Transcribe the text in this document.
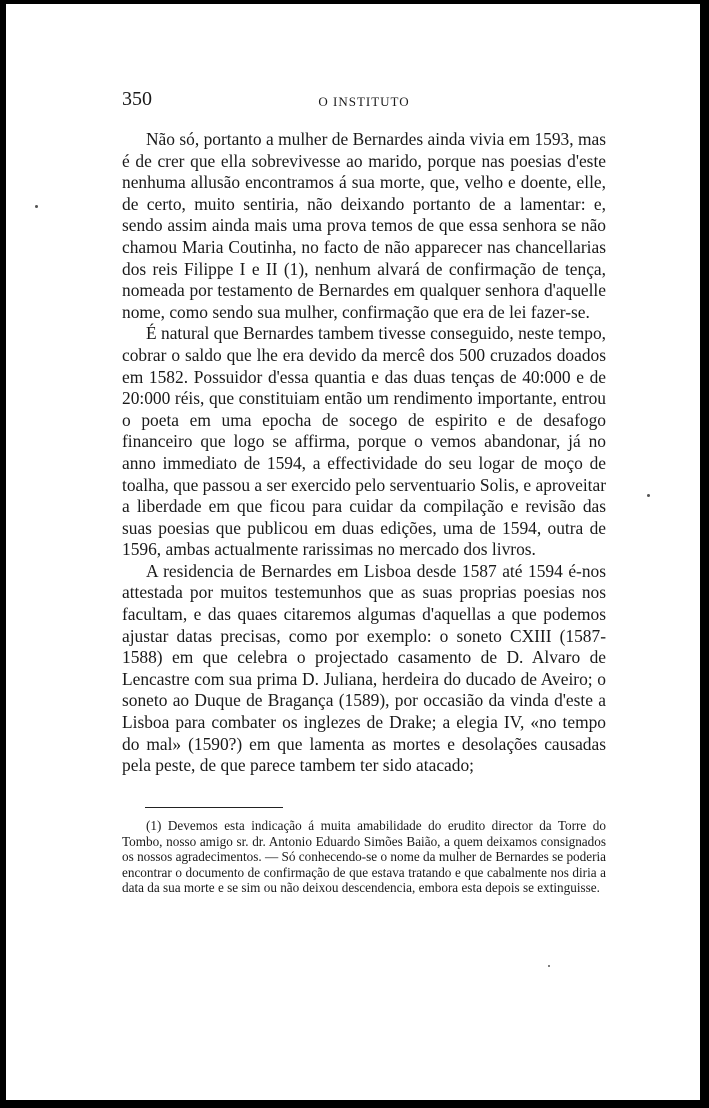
350	O INSTITUTO

Não só, portanto a mulher de Bernardes ainda vivia em 1593, mas é de crer que ella sobrevivesse ao marido, porque nas poesias d'este nenhuma allusão encontramos á sua morte, que, velho e doente, elle, de certo, muito sentiria, não deixando portanto de a lamentar: e, sendo assim ainda mais uma prova temos de que essa senhora se não chamou Maria Coutinha, no facto de não apparecer nas chancellarias dos reis Filippe I e II (1), nenhum alvará de confirmação de tença, nomeada por testamento de Bernardes em qualquer senhora d'aquelle nome, como sendo sua mulher, confirmação que era de lei fazer-se.

É natural que Bernardes tambem tivesse conseguido, neste tempo, cobrar o saldo que lhe era devido da mercê dos 500 cruzados doados em 1582. Possuidor d'essa quantia e das duas tenças de 40:000 e de 20:000 réis, que constituiam então um rendimento importante, entrou o poeta em uma epocha de socego de espirito e de desafogo financeiro que logo se affirma, porque o vemos abandonar, já no anno immediato de 1594, a effectividade do seu logar de moço de toalha, que passou a ser exercido pelo serventuario Solis, e aproveitar a liberdade em que ficou para cuidar da compilação e revisão das suas poesias que publicou em duas edições, uma de 1594, outra de 1596, ambas actualmente rarissimas no mercado dos livros.

A residencia de Bernardes em Lisboa desde 1587 até 1594 é-nos attestada por muitos testemunhos que as suas proprias poesias nos facultam, e das quaes citaremos algumas d'aquellas a que podemos ajustar datas precisas, como por exemplo: o soneto CXIII (1587-1588) em que celebra o projectado casamento de D. Alvaro de Lencastre com sua prima D. Juliana, herdeira do ducado de Aveiro; o soneto ao Duque de Bragança (1589), por occasião da vinda d'este a Lisboa para combater os inglezes de Drake; a elegia IV, «no tempo do mal» (1590?) em que lamenta as mortes e desolações causadas pela peste, de que parece tambem ter sido atacado;

(1) Devemos esta indicação á muita amabilidade do erudito director da Torre do Tombo, nosso amigo sr. dr. Antonio Eduardo Simões Baião, a quem deixamos consignados os nossos agradecimentos. — Só conhecendo-se o nome da mulher de Bernardes se poderia encontrar o documento de confirmação de que estava tratando e que cabalmente nos diria a data da sua morte e se sim ou não deixou descendencia, embora esta depois se extinguisse.
